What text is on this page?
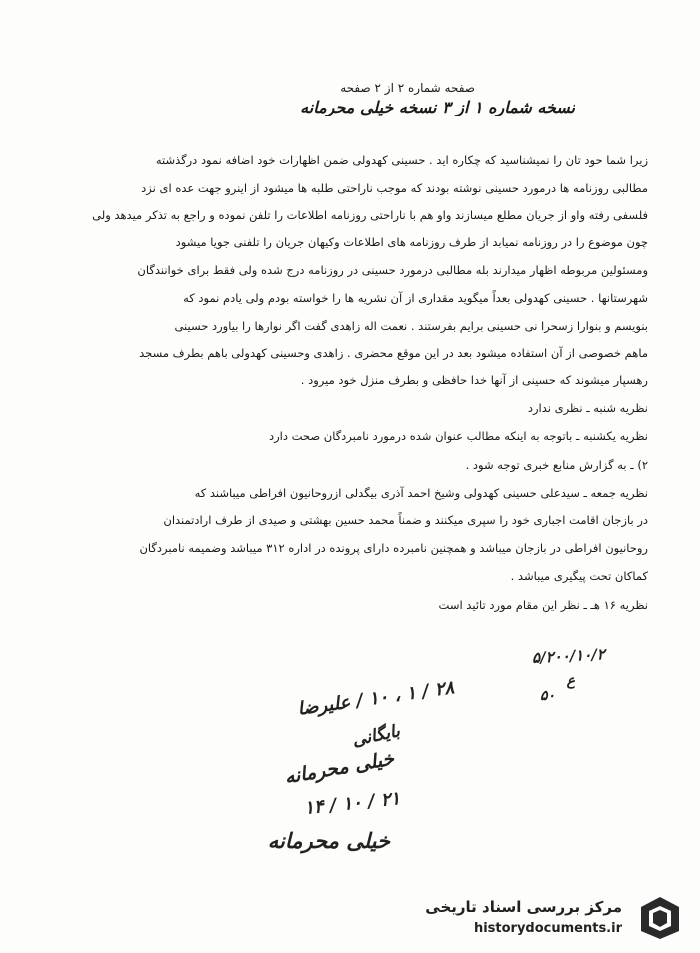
صفحه شماره ۲ از ۲ صفحه
نسخه شماره ۱ از ۳ نسخه خیلی محرمانه
زیرا شما حود تان را نمیشناسید که چکاره اید . حسینی کهدولی ضمن اظهارات خود اضافه نمود درگذشته
مطالبی روزنامه ها درمورد حسینی نوشته بودند که موجب ناراحتی طلبه ها میشود از اینرو جهت عده ای نزد
فلسفی رفته واو از جریان مطلع میسازند واو هم با ناراحتی روزنامه اطلاعات را تلفن نموده و راجع به تذکر میدهد ولی
چون موضوع را در روزنامه نمیابد از طرف روزنامه های اطلاعات وکیهان جریان را تلفنی جویا میشود
ومسئولین مربوطه اظهار میدارند بله مطالبی درمورد حسینی در روزنامه درج شده ولی فقط برای خوانندگان
شهرستانها . حسینی کهدولی بعداً میگوید مقداری از آن نشریه ها را خواسته بودم ولی یادم نمود که
بنویسم و بنوارا زسحرا نی حسینی برایم بفرستند . نعمت اله زاهدی گفت اگر نوارها را بیاورد حسینی
ماهم خصوصی از آن استفاده میشود بعد در این موقع محضری . زاهدی وحسینی کهدولی باهم بطرف مسجد
رهسپار میشوند که حسینی از آنها خدا حافظی و بطرف منزل خود میرود .
نظریه شنبه ـ نظری ندارد
نظریه یکشنبه ـ باتوجه به اینکه مطالب عنوان شده درمورد نامبردگان صحت دارد
۲) ـ به گزارش منابع خبری توجه شود .
نظریه جمعه ـ سیدعلی حسینی کهدولی وشیخ احمد آذری بیگدلی ازروحانیون افراطی میباشند که
در بازجان اقامت اجباری خود را سپری میکنند و ضمناً محمد حسین بهشتی و صیدی از طرف ارادتمندان
روحانیون افراطی در بازجان میباشد و همچنین نامبرده دارای پرونده در اداره ۳۱۲ میباشد وضمیمه نامبردگان
کماکان تحت پیگیری میباشد .
نظریه ۱۶ هـ ـ نظر این مقام مورد تائید است
۵/۲۰۰/۱۰/۲
ع
۵۰
۲۸ / ۱ ، ۱۰ / علیرضا
بایگانی
خیلی محرمانه
۲۱ / ۱۰ / ۱۴
خیلی محرمانه
مرکز بررسی اسناد تاریخی
historydocuments.ir
